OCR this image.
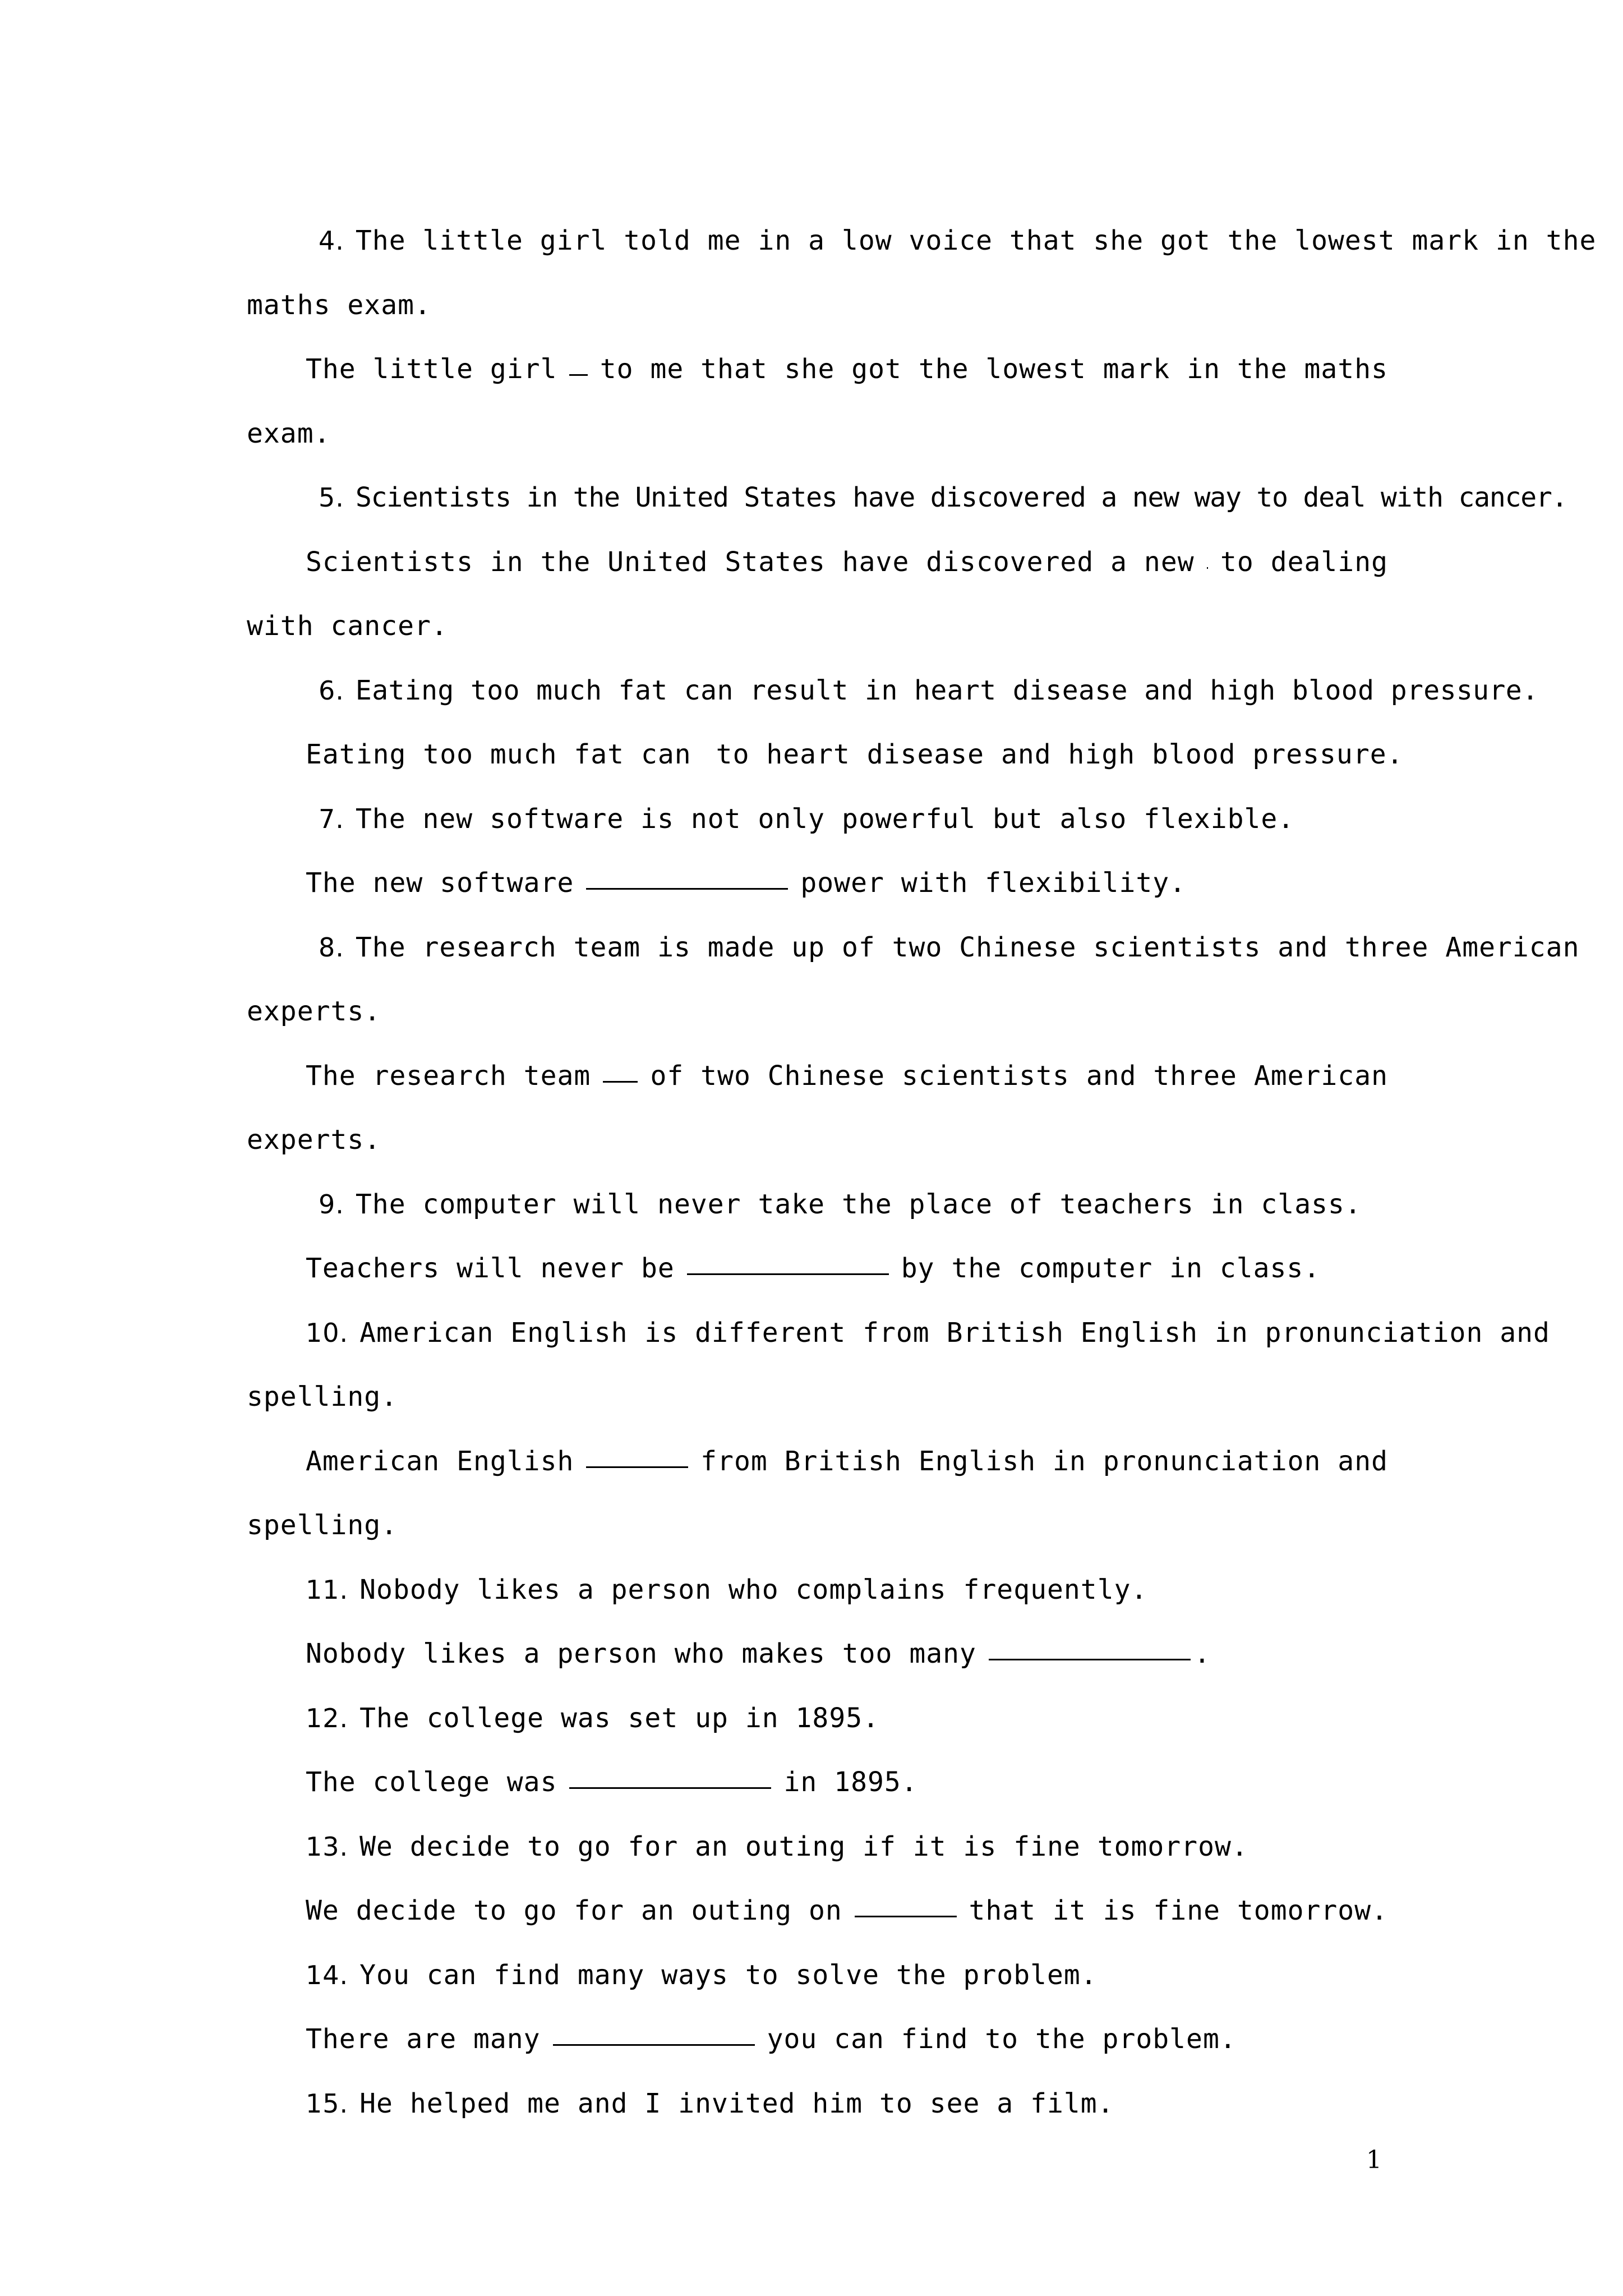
4. The little girl told me in a low voice that she got the lowest mark in the
maths exam.
The little girl to me that she got the lowest mark in the maths
exam.
5. Scientists in the United States have discovered a new way to deal with cancer.
Scientists in the United States have discovered a new to dealing
with cancer.
6. Eating too much fat can result in heart disease and high blood pressure.
Eating too much fat can to heart disease and high blood pressure.
7. The new software is not only powerful but also flexible.
The new software	power with flexibility.
8. The research team is made up of two Chinese scientists and three American
experts.
The research team of two Chinese scientists and three American
experts.
9. The computer will never take the place of teachers in class.
Teachers will never be	by the computer in class.
10. American English is different from British English in pronunciation and
spelling.
American English	from British English in pronunciation and
spelling.
11. Nobody likes a person who complains frequently.
Nobody likes a person who makes too many	.
12. The college was set up in 1895.
The college was	in 1895.
13. We decide to go for an outing if it is fine tomorrow.
We decide to go for an outing on	that it is fine tomorrow.
14. You can find many ways to solve the problem.
There are many	you can find to the problem.
15. He helped me and I invited him to see a film.
1
